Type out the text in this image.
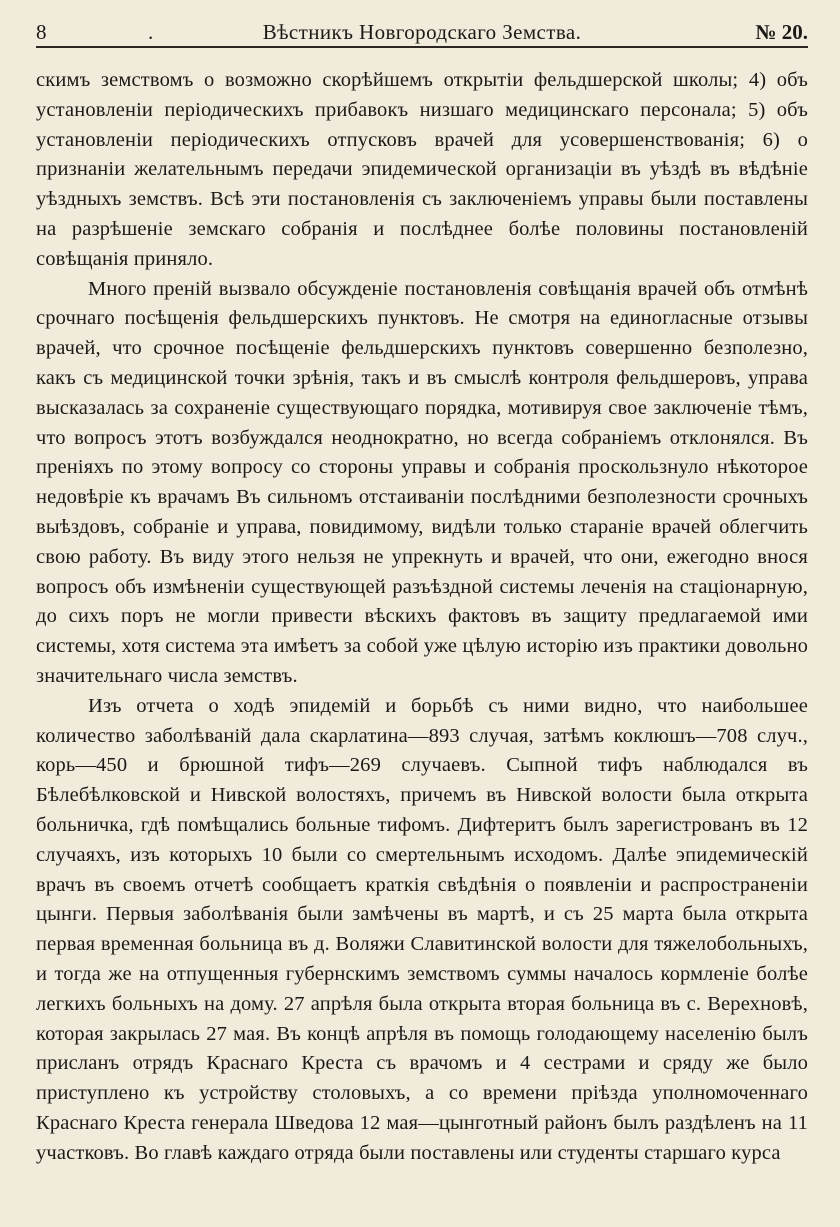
8	.	Вѣстникъ Новгородскаго Земства.	№ 20.

скимъ земствомъ о возможно скорѣйшемъ открытіи фельдшерской школы; 4) объ установленіи періодическихъ прибавокъ низшаго медицинскаго персонала; 5) объ установленіи періодическихъ отпусковъ врачей для усовершенствованія; 6) о признаніи желательнымъ передачи эпидемической организаціи въ уѣздѣ въ вѣдѣніе уѣздныхъ земствъ. Всѣ эти постановленія съ заключеніемъ управы были поставлены на разрѣшеніе земскаго собранія и послѣднее болѣе половины постановленій совѣщанія приняло.

Много преній вызвало обсужденіе постановленія совѣщанія врачей объ отмѣнѣ срочнаго посѣщенія фельдшерскихъ пунктовъ. Не смотря на единогласные отзывы врачей, что срочное посѣщеніе фельдшерскихъ пунктовъ совершенно безполезно, какъ съ медицинской точки зрѣнія, такъ и въ смыслѣ контроля фельдшеровъ, управа высказалась за сохраненіе существующаго порядка, мотивируя свое заключеніе тѣмъ, что вопросъ этотъ возбуждался неоднократно, но всегда собраніемъ отклонялся. Въ преніяхъ по этому вопросу со стороны управы и собранія проскользнуло нѣкоторое недовѣріе къ врачамъ Въ сильномъ отстаиваніи послѣдними безполезности срочныхъ выѣздовъ, собраніе и управа, повидимому, видѣли только стараніе врачей облегчить свою работу. Въ виду этого нельзя не упрекнуть и врачей, что они, ежегодно внося вопросъ объ измѣненіи существующей разъѣздной системы леченія на стаціонарную, до сихъ поръ не могли привести вѣскихъ фактовъ въ защиту предлагаемой ими системы, хотя система эта имѣетъ за собой уже цѣлую исторію изъ практики довольно значительнаго числа земствъ.

Изъ отчета о ходѣ эпидемій и борьбѣ съ ними видно, что наибольшее количество заболѣваній дала скарлатина—893 случая, затѣмъ коклюшъ—708 случ., корь—450 и брюшной тифъ—269 случаевъ. Сыпной тифъ наблюдался въ Бѣлебѣлковской и Нивской волостяхъ, причемъ въ Нивской волости была открыта больничка, гдѣ помѣщались больные тифомъ. Дифтеритъ былъ зарегистрованъ въ 12 случаяхъ, изъ которыхъ 10 были со смертельнымъ исходомъ. Далѣе эпидемическій врачъ въ своемъ отчетѣ сообщаетъ краткія свѣдѣнія о появленіи и распространеніи цынги. Первыя заболѣванія были замѣчены въ мартѣ, и съ 25 марта была открыта первая временная больница въ д. Воляжи Славитинской волости для тяжелобольныхъ, и тогда же на отпущенныя губернскимъ земствомъ суммы началось кормленіе болѣе легкихъ больныхъ на дому. 27 апрѣля была открыта вторая больница въ с. Верехновѣ, которая закрылась 27 мая. Въ концѣ апрѣля въ помощь голодающему населенію былъ присланъ отрядъ Краснаго Креста съ врачомъ и 4 сестрами и сряду же было приступлено къ устройству столовыхъ, а со времени пріѣзда уполномоченнаго Краснаго Креста генерала Шведова 12 мая—цынготный районъ былъ раздѣленъ на 11 участковъ. Во главѣ каждаго отряда были поставлены или студенты старшаго курса
